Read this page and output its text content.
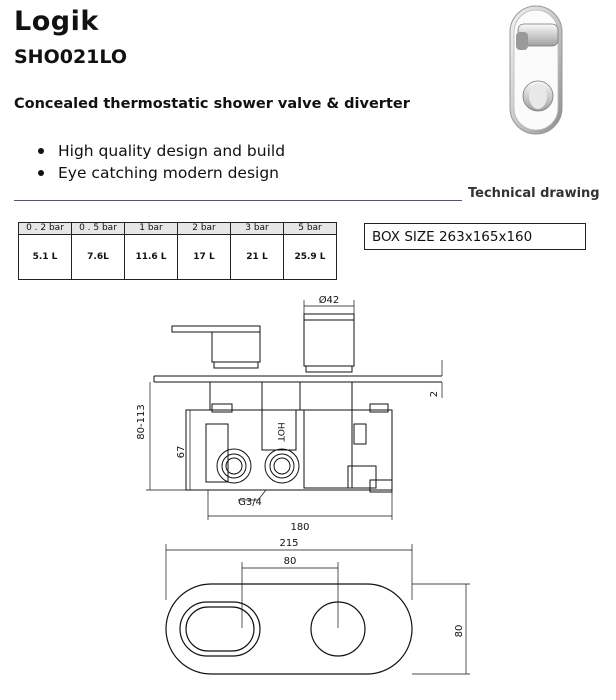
Logik
SHO021LO
Concealed thermostatic shower valve & diverter
High quality design and build
Eye catching modern design
Technical drawing
0 . 2 bar	0 . 5 bar	1 bar	2 bar	3 bar	5 bar
5.1 L	7.6L	11.6 L	17 L	21 L	25.9 L
BOX SIZE 263x165x160
HOT
Ø42
2
80-113
67
G3/4
180
215
80
80
